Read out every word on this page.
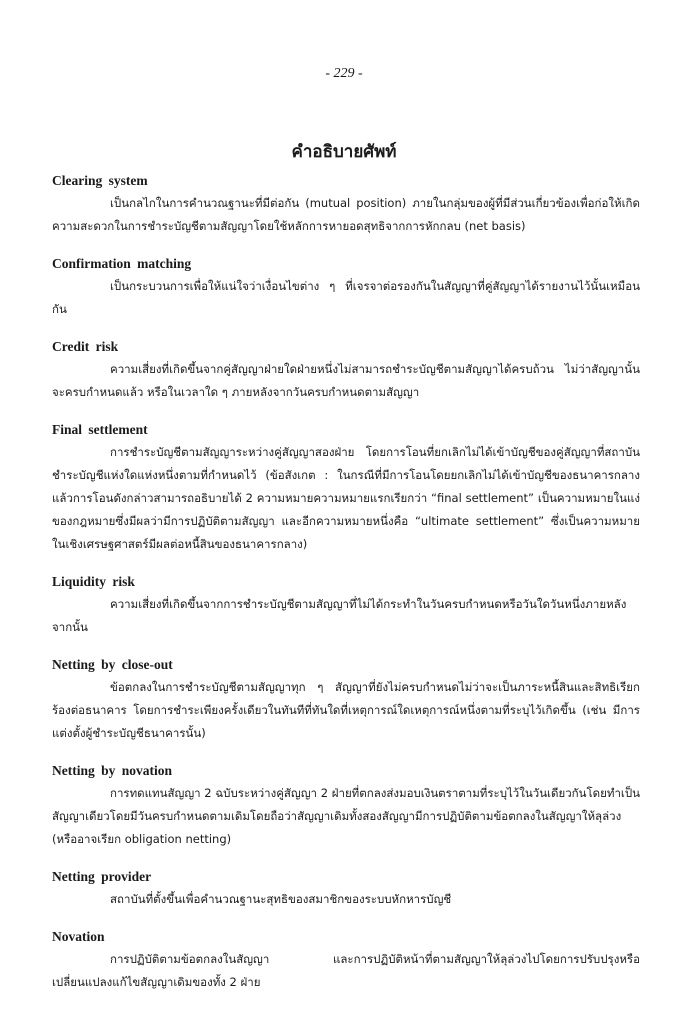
- 229 -
คำอธิบายศัพท์
Clearing system

เป็นกลไกในการคำนวณฐานะที่มีต่อกัน (mutual position) ภายในกลุ่มของผู้ที่มีส่วนเกี่ยวข้องเพื่อก่อให้เกิดความสะดวกในการชำระบัญชีตามสัญญาโดยใช้หลักการหายอดสุทธิจากการหักกลบ (net basis)

Confirmation matching

เป็นกระบวนการเพื่อให้แน่ใจว่าเงื่อนไขต่าง ๆ ที่เจรจาต่อรองกันในสัญญาที่คู่สัญญาได้รายงานไว้นั้นเหมือนกัน

Credit risk

ความเสี่ยงที่เกิดขึ้นจากคู่สัญญาฝ่ายใดฝ่ายหนึ่งไม่สามารถชำระบัญชีตามสัญญาได้ครบถ้วน ไม่ว่าสัญญานั้นจะครบกำหนดแล้ว หรือในเวลาใด ๆ ภายหลังจากวันครบกำหนดตามสัญญา

Final settlement

การชำระบัญชีตามสัญญาระหว่างคู่สัญญาสองฝ่าย โดยการโอนที่ยกเลิกไม่ได้เข้าบัญชีของคู่สัญญาที่สถาบันชำระบัญชีแห่งใดแห่งหนึ่งตามที่กำหนดไว้ (ข้อสังเกต : ในกรณีที่มีการโอนโดยยกเลิกไม่ได้เข้าบัญชีของธนาคารกลางแล้วการโอนดังกล่าวสามารถอธิบายได้ 2 ความหมายความหมายแรกเรียกว่า “final settlement” เป็นความหมายในแง่ของกฎหมายซึ่งมีผลว่ามีการปฏิบัติตามสัญญา และอีกความหมายหนึ่งคือ “ultimate settlement” ซึ่งเป็นความหมายในเชิงเศรษฐศาสตร์มีผลต่อหนี้สินของธนาคารกลาง)

Liquidity risk

ความเสี่ยงที่เกิดขึ้นจากการชำระบัญชีตามสัญญาที่ไม่ได้กระทำในวันครบกำหนดหรือวันใดวันหนึ่งภายหลังจากนั้น

Netting by close-out

ข้อตกลงในการชำระบัญชีตามสัญญาทุก ๆ สัญญาที่ยังไม่ครบกำหนดไม่ว่าจะเป็นภาระหนี้สินและสิทธิเรียกร้องต่อธนาคาร โดยการชำระเพียงครั้งเดียวในทันทีที่ทันใดที่เหตุการณ์ใดเหตุการณ์หนึ่งตามที่ระบุไว้เกิดขึ้น (เช่น มีการแต่งตั้งผู้ชำระบัญชีธนาคารนั้น)

Netting by novation

การทดแทนสัญญา 2 ฉบับระหว่างคู่สัญญา 2 ฝ่ายที่ตกลงส่งมอบเงินตราตามที่ระบุไว้ในวันเดียวกันโดยทำเป็นสัญญาเดียวโดยมีวันครบกำหนดตามเดิมโดยถือว่าสัญญาเดิมทั้งสองสัญญามีการปฏิบัติตามข้อตกลงในสัญญาให้ลุล่วง (หรืออาจเรียก obligation netting)

Netting provider

สถาบันที่ตั้งขึ้นเพื่อคำนวณฐานะสุทธิของสมาชิกของระบบหักหารบัญชี

Novation

การปฏิบัติตามข้อตกลงในสัญญา และการปฏิบัติหน้าที่ตามสัญญาให้ลุล่วงไปโดยการปรับปรุงหรือเปลี่ยนแปลงแก้ไขสัญญาเดิมของทั้ง 2 ฝ่าย
